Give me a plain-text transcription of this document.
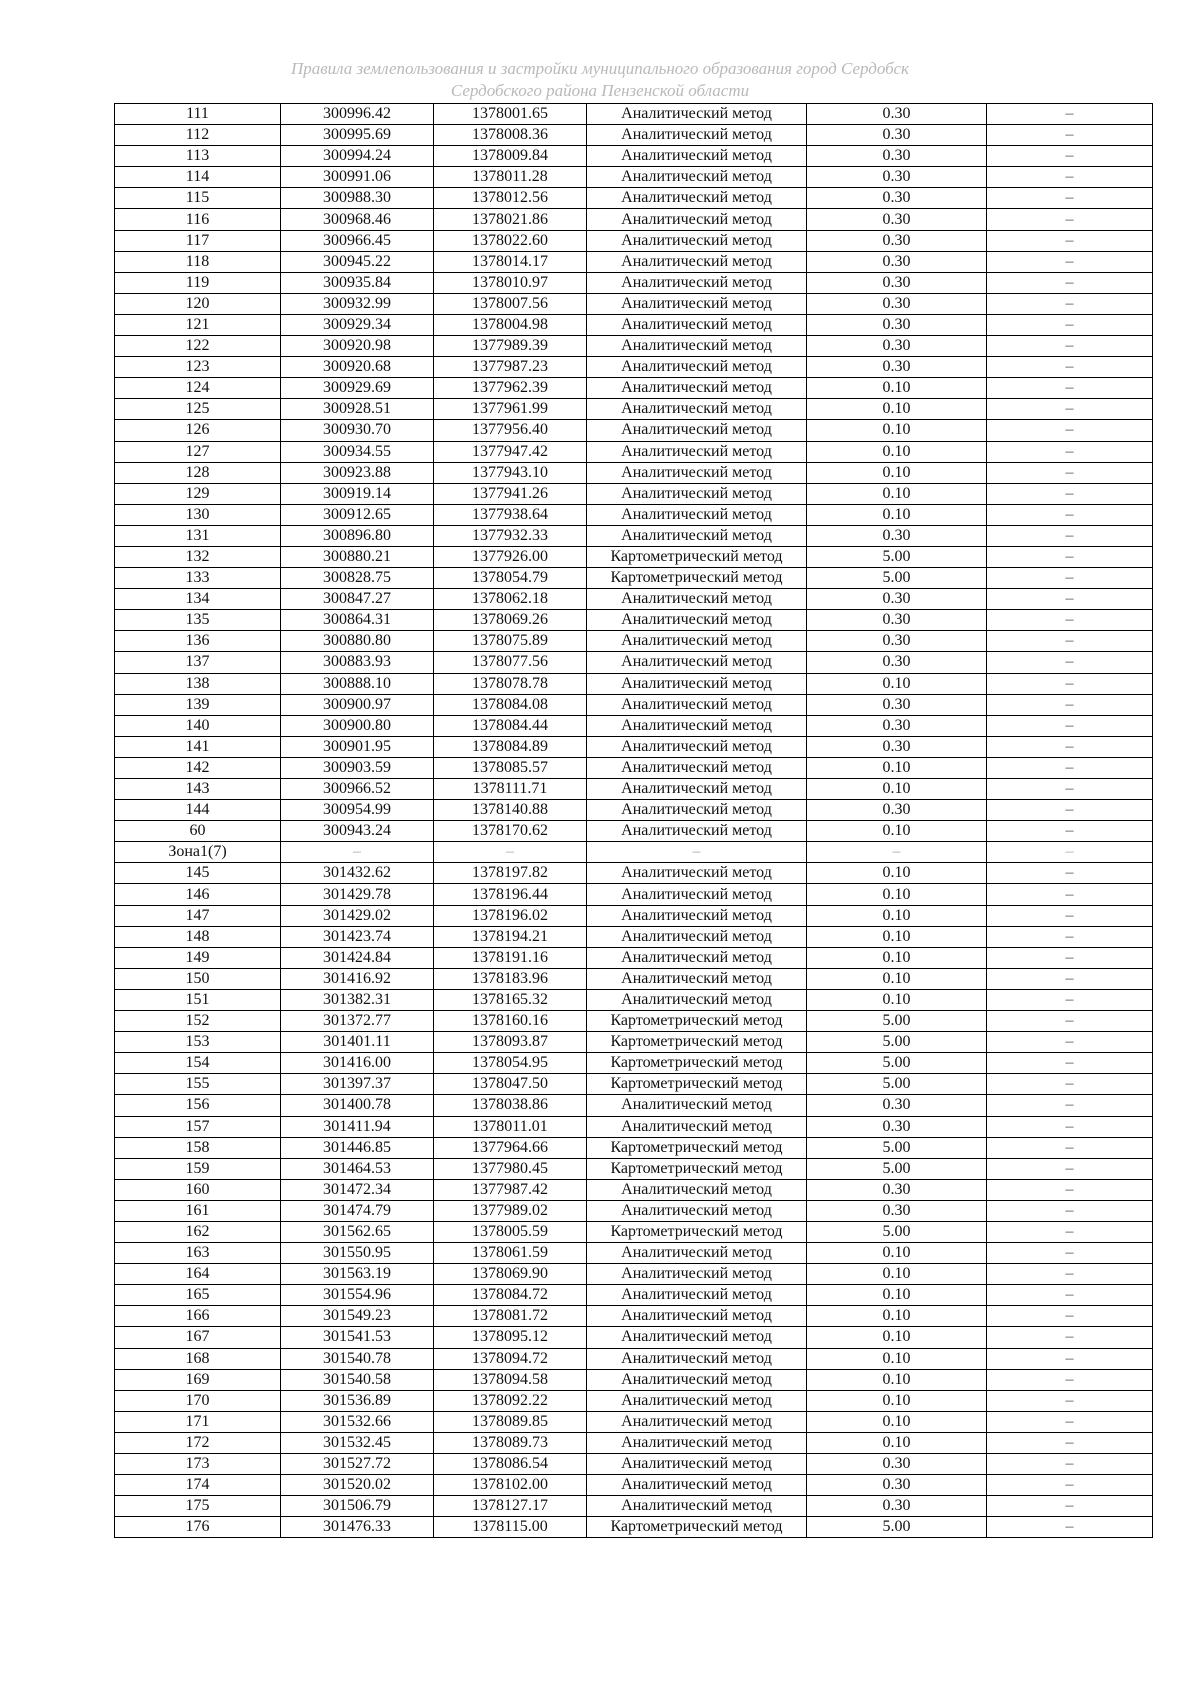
Правила землепользования и застройки муниципального образования город Сердобск
Сердобского района Пензенской области
111	300996.42	1378001.65	Аналитический метод	0.30	–
112	300995.69	1378008.36	Аналитический метод	0.30	–
113	300994.24	1378009.84	Аналитический метод	0.30	–
114	300991.06	1378011.28	Аналитический метод	0.30	–
115	300988.30	1378012.56	Аналитический метод	0.30	–
116	300968.46	1378021.86	Аналитический метод	0.30	–
117	300966.45	1378022.60	Аналитический метод	0.30	–
118	300945.22	1378014.17	Аналитический метод	0.30	–
119	300935.84	1378010.97	Аналитический метод	0.30	–
120	300932.99	1378007.56	Аналитический метод	0.30	–
121	300929.34	1378004.98	Аналитический метод	0.30	–
122	300920.98	1377989.39	Аналитический метод	0.30	–
123	300920.68	1377987.23	Аналитический метод	0.30	–
124	300929.69	1377962.39	Аналитический метод	0.10	–
125	300928.51	1377961.99	Аналитический метод	0.10	–
126	300930.70	1377956.40	Аналитический метод	0.10	–
127	300934.55	1377947.42	Аналитический метод	0.10	–
128	300923.88	1377943.10	Аналитический метод	0.10	–
129	300919.14	1377941.26	Аналитический метод	0.10	–
130	300912.65	1377938.64	Аналитический метод	0.10	–
131	300896.80	1377932.33	Аналитический метод	0.30	–
132	300880.21	1377926.00	Картометрический метод	5.00	–
133	300828.75	1378054.79	Картометрический метод	5.00	–
134	300847.27	1378062.18	Аналитический метод	0.30	–
135	300864.31	1378069.26	Аналитический метод	0.30	–
136	300880.80	1378075.89	Аналитический метод	0.30	–
137	300883.93	1378077.56	Аналитический метод	0.30	–
138	300888.10	1378078.78	Аналитический метод	0.10	–
139	300900.97	1378084.08	Аналитический метод	0.30	–
140	300900.80	1378084.44	Аналитический метод	0.30	–
141	300901.95	1378084.89	Аналитический метод	0.30	–
142	300903.59	1378085.57	Аналитический метод	0.10	–
143	300966.52	1378111.71	Аналитический метод	0.10	–
144	300954.99	1378140.88	Аналитический метод	0.30	–
60	300943.24	1378170.62	Аналитический метод	0.10	–
Зона1(7)	–	–	–	–	–
145	301432.62	1378197.82	Аналитический метод	0.10	–
146	301429.78	1378196.44	Аналитический метод	0.10	–
147	301429.02	1378196.02	Аналитический метод	0.10	–
148	301423.74	1378194.21	Аналитический метод	0.10	–
149	301424.84	1378191.16	Аналитический метод	0.10	–
150	301416.92	1378183.96	Аналитический метод	0.10	–
151	301382.31	1378165.32	Аналитический метод	0.10	–
152	301372.77	1378160.16	Картометрический метод	5.00	–
153	301401.11	1378093.87	Картометрический метод	5.00	–
154	301416.00	1378054.95	Картометрический метод	5.00	–
155	301397.37	1378047.50	Картометрический метод	5.00	–
156	301400.78	1378038.86	Аналитический метод	0.30	–
157	301411.94	1378011.01	Аналитический метод	0.30	–
158	301446.85	1377964.66	Картометрический метод	5.00	–
159	301464.53	1377980.45	Картометрический метод	5.00	–
160	301472.34	1377987.42	Аналитический метод	0.30	–
161	301474.79	1377989.02	Аналитический метод	0.30	–
162	301562.65	1378005.59	Картометрический метод	5.00	–
163	301550.95	1378061.59	Аналитический метод	0.10	–
164	301563.19	1378069.90	Аналитический метод	0.10	–
165	301554.96	1378084.72	Аналитический метод	0.10	–
166	301549.23	1378081.72	Аналитический метод	0.10	–
167	301541.53	1378095.12	Аналитический метод	0.10	–
168	301540.78	1378094.72	Аналитический метод	0.10	–
169	301540.58	1378094.58	Аналитический метод	0.10	–
170	301536.89	1378092.22	Аналитический метод	0.10	–
171	301532.66	1378089.85	Аналитический метод	0.10	–
172	301532.45	1378089.73	Аналитический метод	0.10	–
173	301527.72	1378086.54	Аналитический метод	0.30	–
174	301520.02	1378102.00	Аналитический метод	0.30	–
175	301506.79	1378127.17	Аналитический метод	0.30	–
176	301476.33	1378115.00	Картометрический метод	5.00	–
